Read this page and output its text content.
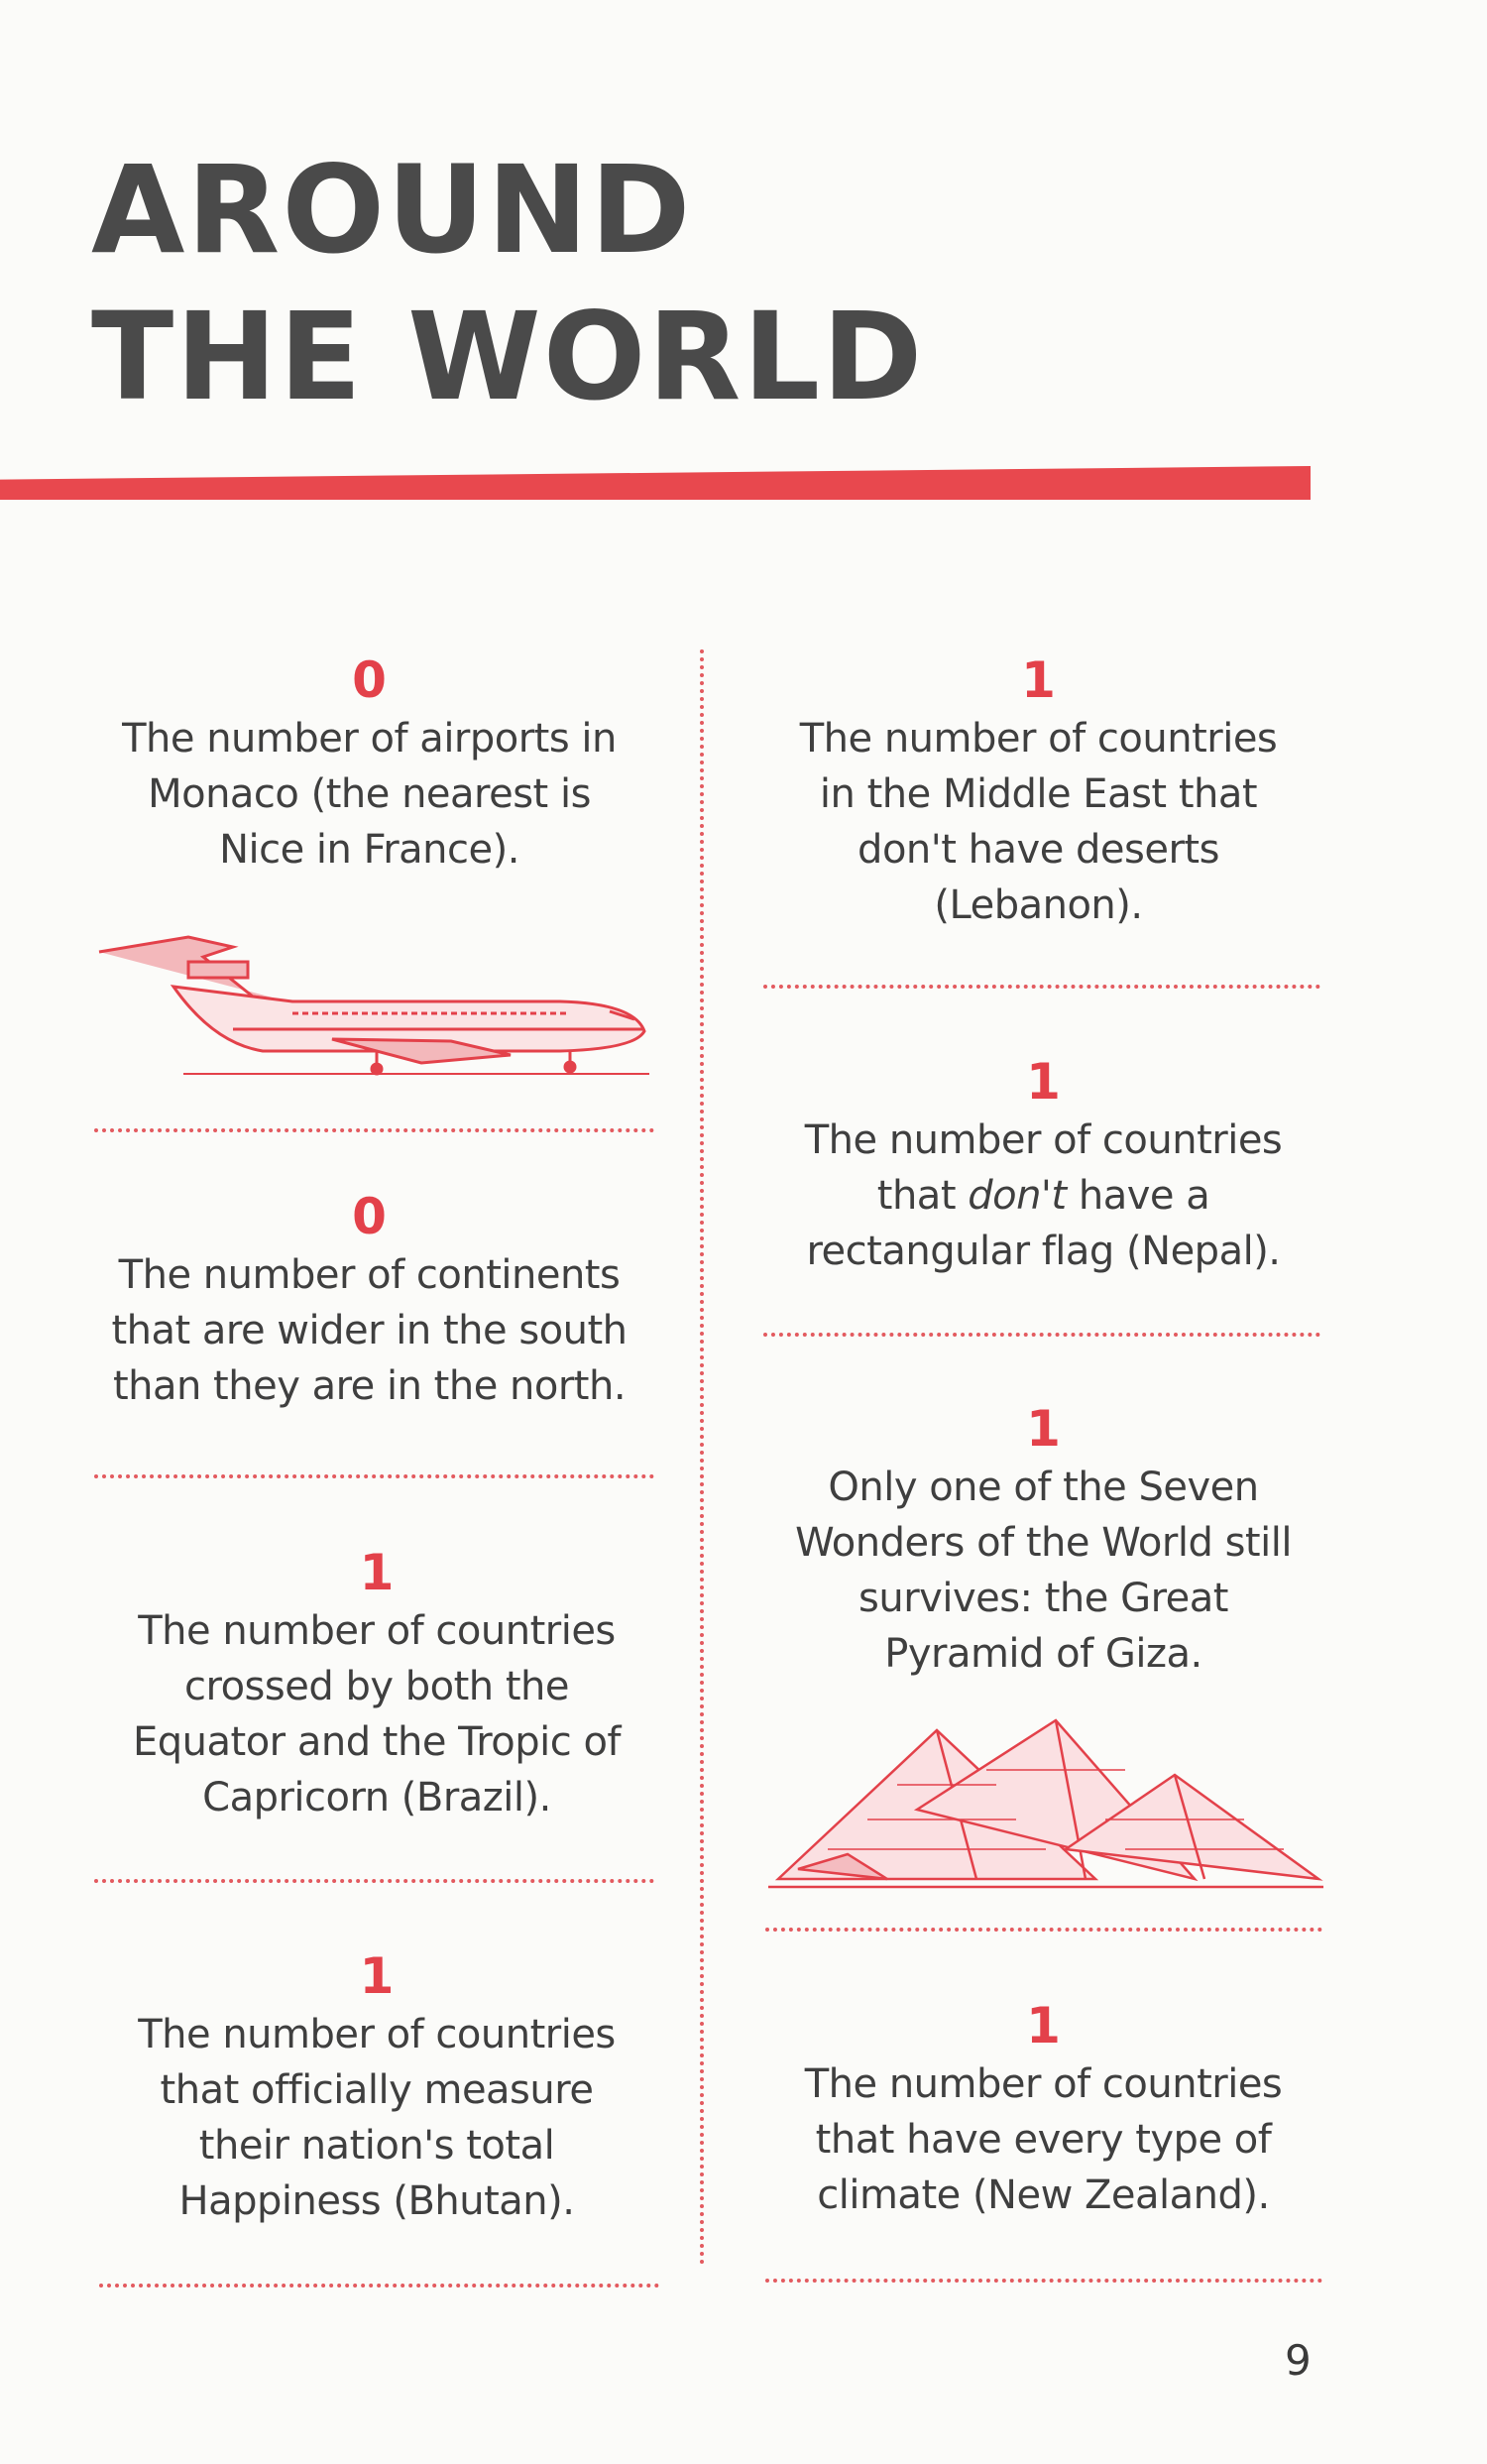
AROUND
THE WORLD
0
The number of airports in Monaco (the nearest is Nice in France).
0
The number of continents that are wider in the south than they are in the north.
1
The number of countries crossed by both the Equator and the Tropic of Capricorn (Brazil).
1
The number of countries that officially measure their nation's total Happiness (Bhutan).
1
The number of countries in the Middle East that don't have deserts (Lebanon).
1
The number of countries that don't have a rectangular flag (Nepal).
1
Only one of the Seven Wonders of the World still survives: the Great Pyramid of Giza.
1
The number of countries that have every type of climate (New Zealand).
9
